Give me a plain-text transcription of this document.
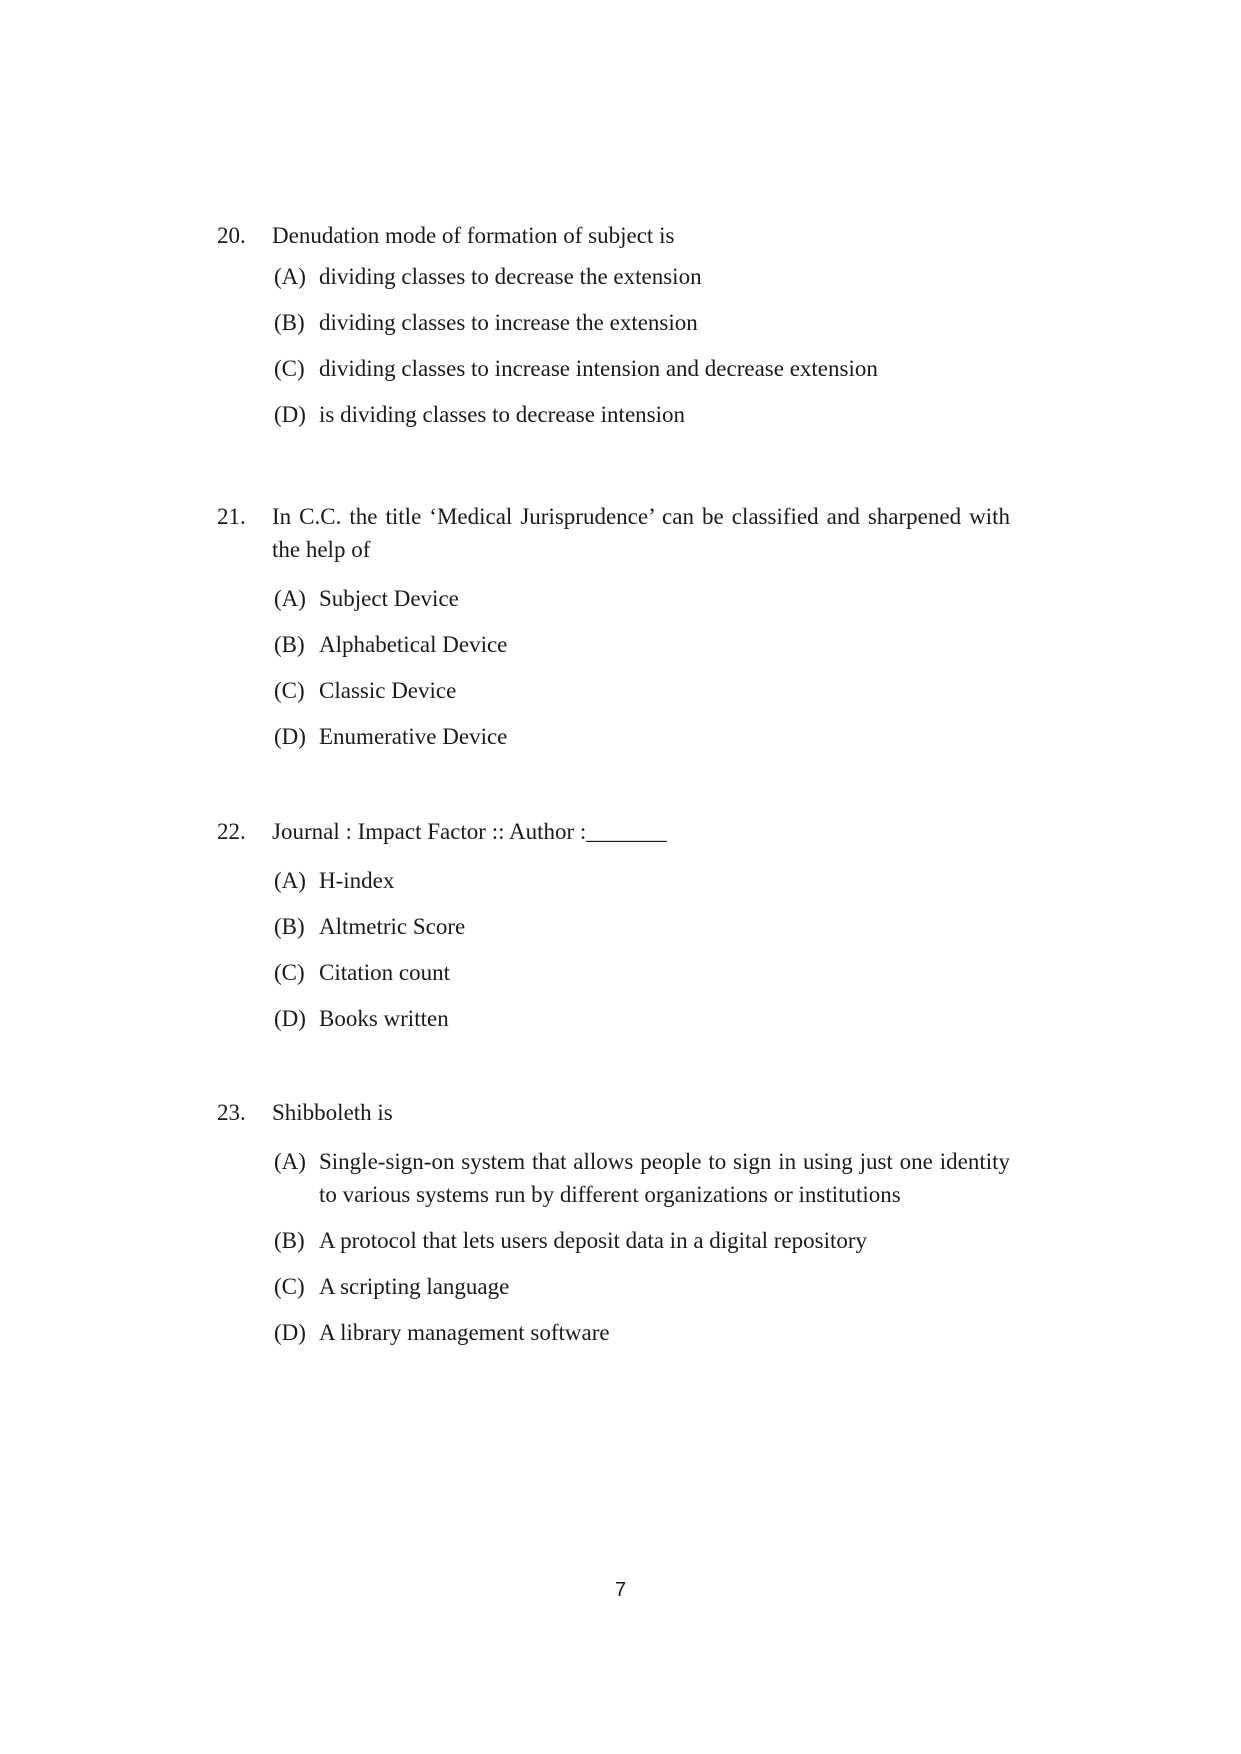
20.	Denudation mode of formation of subject is
(A) dividing classes to decrease the extension
(B) dividing classes to increase the extension
(C) dividing classes to increase intension and decrease extension
(D) is dividing classes to decrease intension
21.	In C.C. the title ‘Medical Jurisprudence’ can be classified and sharpened with the help of
(A) Subject Device
(B) Alphabetical Device
(C) Classic Device
(D) Enumerative Device
22.	Journal : Impact Factor :: Author :_______
(A) H-index
(B) Altmetric Score
(C) Citation count
(D) Books written
23.	Shibboleth is
(A) Single-sign-on system that allows people to sign in using just one identity to various systems run by different organizations or institutions
(B) A protocol that lets users deposit data in a digital repository
(C) A scripting language
(D) A library management software
7
